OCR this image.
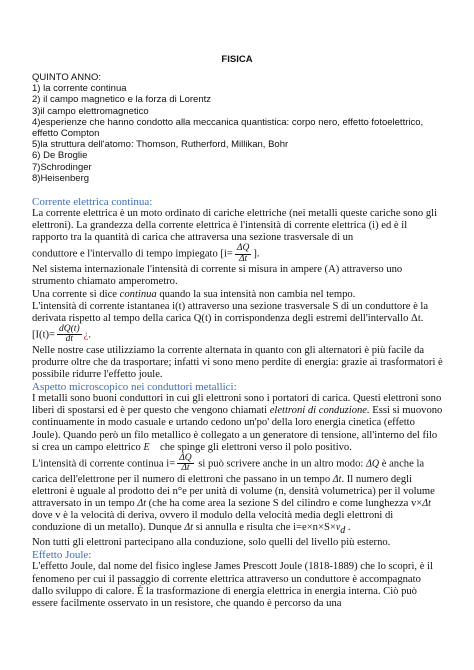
FISICA
QUINTO ANNO:
1) la corrente continua
2) il campo magnetico e la forza di Lorentz
3)il campo elettromagnetico
4)esperienze che hanno condotto alla meccanica quantistica: corpo nero, effetto fotoelettrico, effetto Compton
5)la struttura dell'atomo: Thomson, Rutherford, Millikan, Bohr
6) De Broglie
7)Schrodinger
8)Heisenberg
Corrente elettrica continua:

La corrente elettrica è un moto ordinato di cariche elettriche (nei metalli queste cariche sono gli elettroni). La grandezza della corrente elettrica è l'intensità di corrente elettrica (i) ed è il rapporto tra la quantità di carica che attraversa una sezione trasversale di un

conduttore e l'intervallo di tempo impiegato [$i= \frac{\Delta Q}{\Delta t}$ ].

Nel sistema internazionale l'intensità di corrente si misura in ampere (A) attraverso uno strumento chiamato amperometro.

Una corrente si dice continua quando la sua intensità non cambia nel tempo.

L'intensità di corrente istantanea i(t) attraverso una sezione trasversale S di un conduttore è la derivata rispetto al tempo della carica Q(t) in corrispondenza degli estremi dell'intervallo Δt.

[$I(t)= \frac{dQ(t)}{dt}$ ¿.

Nelle nostre case utilizziamo la corrente alternata in quanto con gli alternatori è più facile da produrre oltre che da trasportare; infatti vi sono meno perdite di energia: grazie ai trasformatori è possibile ridurre l'effetto joule.

Aspetto microscopico nei conduttori metallici:

I metalli sono buoni conduttori in cui gli elettroni sono i portatori di carica. Questi elettroni sono liberi di spostarsi ed è per questo che vengono chiamati elettroni di conduzione. Essi si muovono continuamente in modo casuale e urtando cedono un'po' della loro energia cinetica (effetto Joule). Quando però un filo metallico è collegato a un generatore di tensione, all'interno del filo si crea un campo elettrico E⃗ che spinge gli elettroni verso il polo positivo.

L'intensità di corrente continua $i= \frac{\Delta Q}{\Delta t}$ si può scrivere anche in un altro modo: ΔQ è anche la carica dell'elettrone per il numero di elettroni che passano in un tempo Δt. Il numero degli elettroni è uguale al prodotto dei n°e per unità di volume (n, densità volumetrica) per il volume attraversato in un tempo Δt (che ha come area la sezione S del cilindro e come lunghezza v×Δt dove v è la velocità di deriva, ovvero il modulo della velocità media degli elettroni di conduzione di un metallo). Dunque Δt si annulla e risulta che $i=e\times n\times S\times v_d$ .

Non tutti gli elettroni partecipano alla conduzione, solo quelli del livello più esterno.

Effetto Joule:

L'effetto Joule, dal nome del fisico inglese James Prescott Joule (1818-1889) che lo scoprì, è il fenomeno per cui il passaggio di corrente elettrica attraverso un conduttore è accompagnato dallo sviluppo di calore. È la trasformazione di energia elettrica in energia interna. Ciò può essere facilmente osservato in un resistore, che quando è percorso da una
